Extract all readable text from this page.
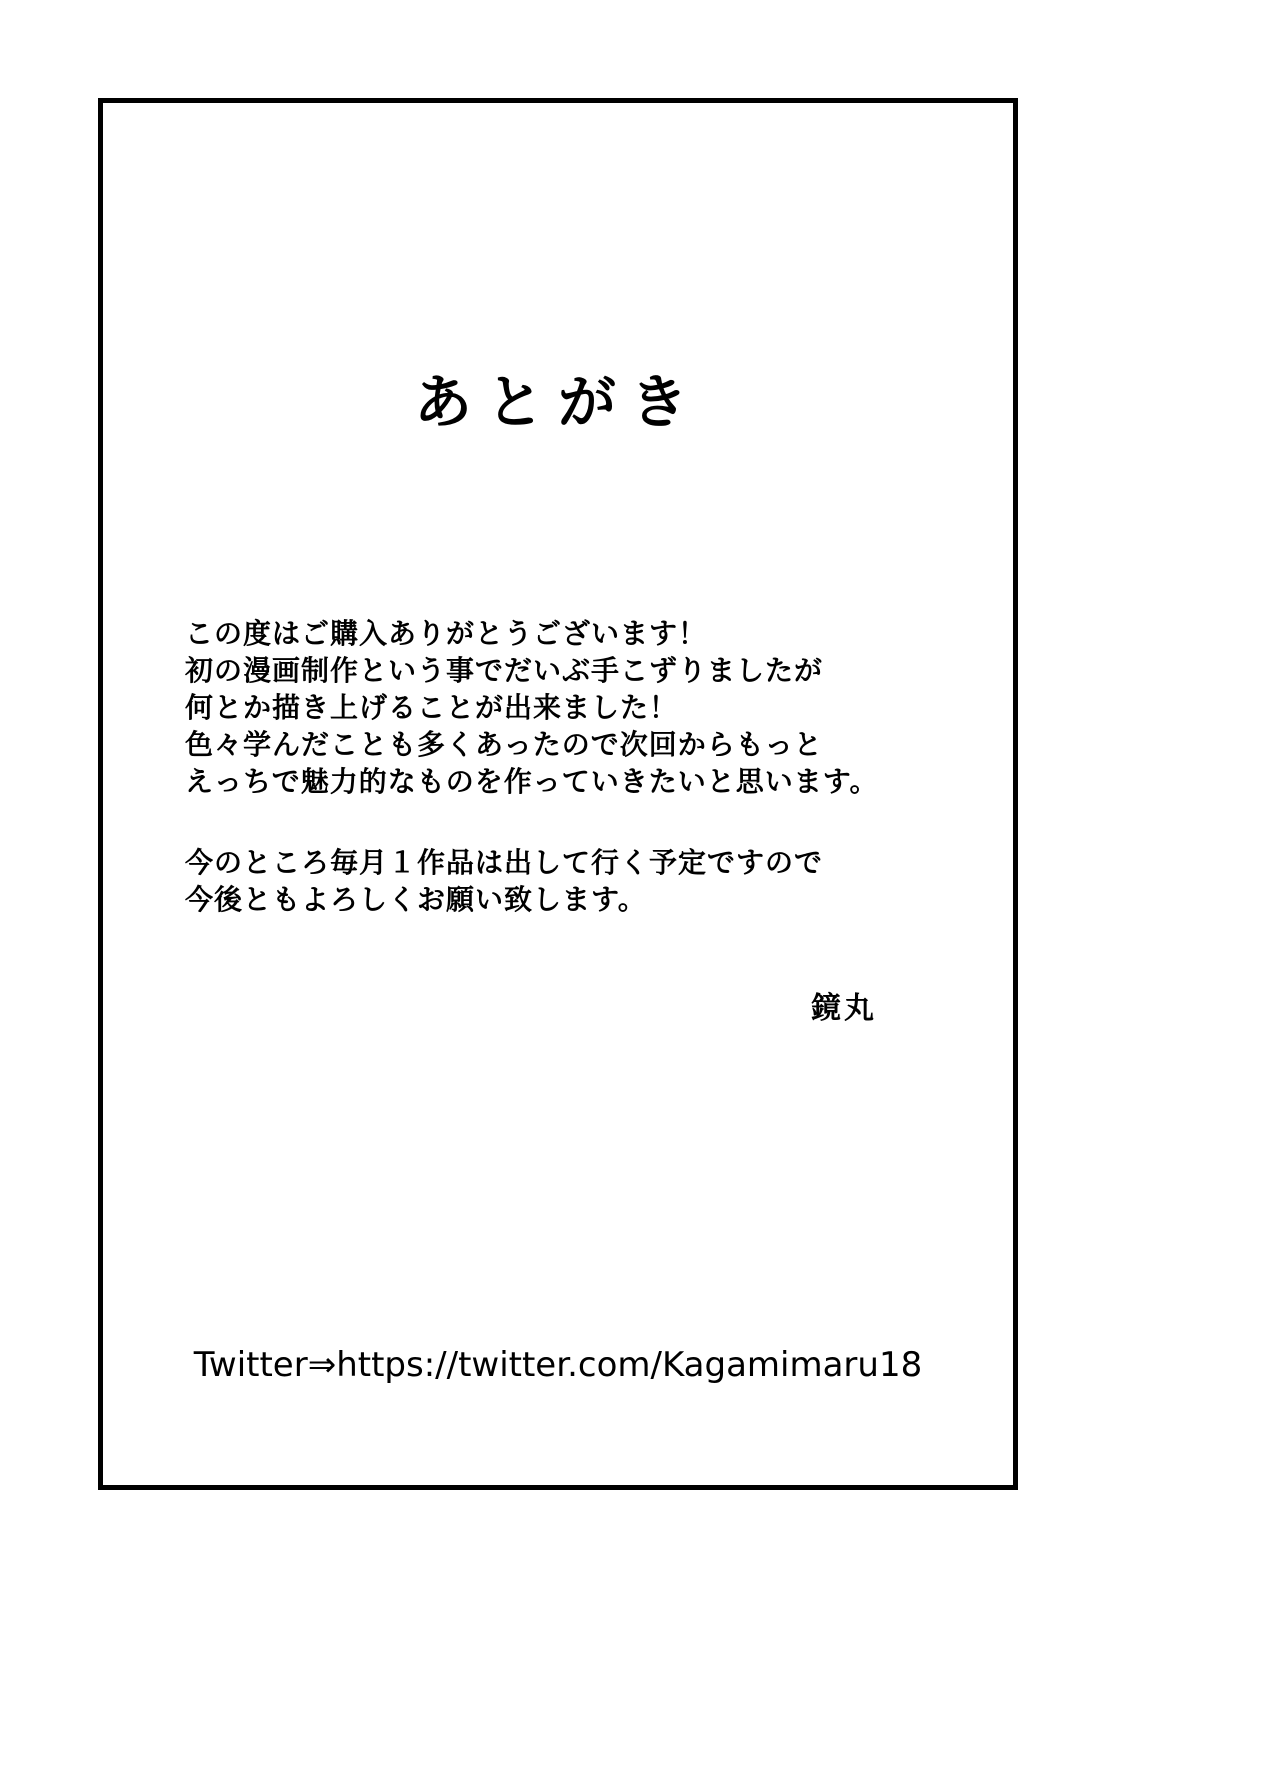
あとがき
この度はご購入ありがとうございます！
初の漫画制作という事でだいぶ手こずりましたが
何とか描き上げることが出来ました！
色々学んだことも多くあったので次回からもっと
えっちで魅力的なものを作っていきたいと思います。
今のところ毎月１作品は出して行く予定ですので
今後ともよろしくお願い致します。
鏡丸
Twitter⇒https://twitter.com/Kagamimaru18
